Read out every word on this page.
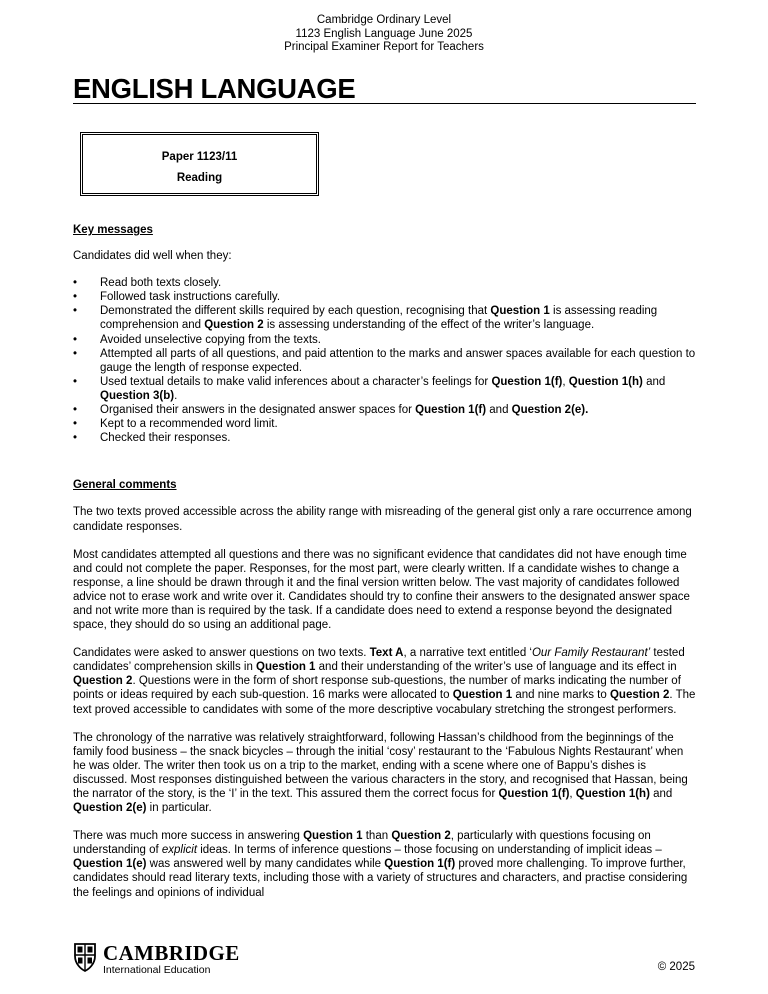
Cambridge Ordinary Level
1123 English Language June 2025
Principal Examiner Report for Teachers
ENGLISH LANGUAGE
Paper 1123/11
Reading

Key messages

Candidates did well when they:

• Read both texts closely.
• Followed task instructions carefully.
• Demonstrated the different skills required by each question, recognising that Question 1 is assessing reading comprehension and Question 2 is assessing understanding of the effect of the writer’s language.
• Avoided unselective copying from the texts.
• Attempted all parts of all questions, and paid attention to the marks and answer spaces available for each question to gauge the length of response expected.
• Used textual details to make valid inferences about a character’s feelings for Question 1(f), Question 1(h) and Question 3(b).
• Organised their answers in the designated answer spaces for Question 1(f) and Question 2(e).
• Kept to a recommended word limit.
• Checked their responses.

General comments

The two texts proved accessible across the ability range with misreading of the general gist only a rare occurrence among candidate responses.

Most candidates attempted all questions and there was no significant evidence that candidates did not have enough time and could not complete the paper. Responses, for the most part, were clearly written. If a candidate wishes to change a response, a line should be drawn through it and the final version written below. The vast majority of candidates followed advice not to erase work and write over it. Candidates should try to confine their answers to the designated answer space and not write more than is required by the task. If a candidate does need to extend a response beyond the designated space, they should do so using an additional page.

Candidates were asked to answer questions on two texts. Text A, a narrative text entitled ‘Our Family Restaurant’ tested candidates’ comprehension skills in Question 1 and their understanding of the writer’s use of language and its effect in Question 2. Questions were in the form of short response sub-questions, the number of marks indicating the number of points or ideas required by each sub-question. 16 marks were allocated to Question 1 and nine marks to Question 2. The text proved accessible to candidates with some of the more descriptive vocabulary stretching the strongest performers.

The chronology of the narrative was relatively straightforward, following Hassan’s childhood from the beginnings of the family food business – the snack bicycles – through the initial ‘cosy’ restaurant to the ‘Fabulous Nights Restaurant’ when he was older. The writer then took us on a trip to the market, ending with a scene where one of Bappu’s dishes is discussed. Most responses distinguished between the various characters in the story, and recognised that Hassan, being the narrator of the story, is the ‘I’ in the text. This assured them the correct focus for Question 1(f), Question 1(h) and Question 2(e) in particular.

There was much more success in answering Question 1 than Question 2, particularly with questions focusing on understanding of explicit ideas. In terms of inference questions – those focusing on understanding of implicit ideas – Question 1(e) was answered well by many candidates while Question 1(f) proved more challenging. To improve further, candidates should read literary texts, including those with a variety of structures and characters, and practise considering the feelings and opinions of individual

CAMBRIDGE
International Education	© 2025
